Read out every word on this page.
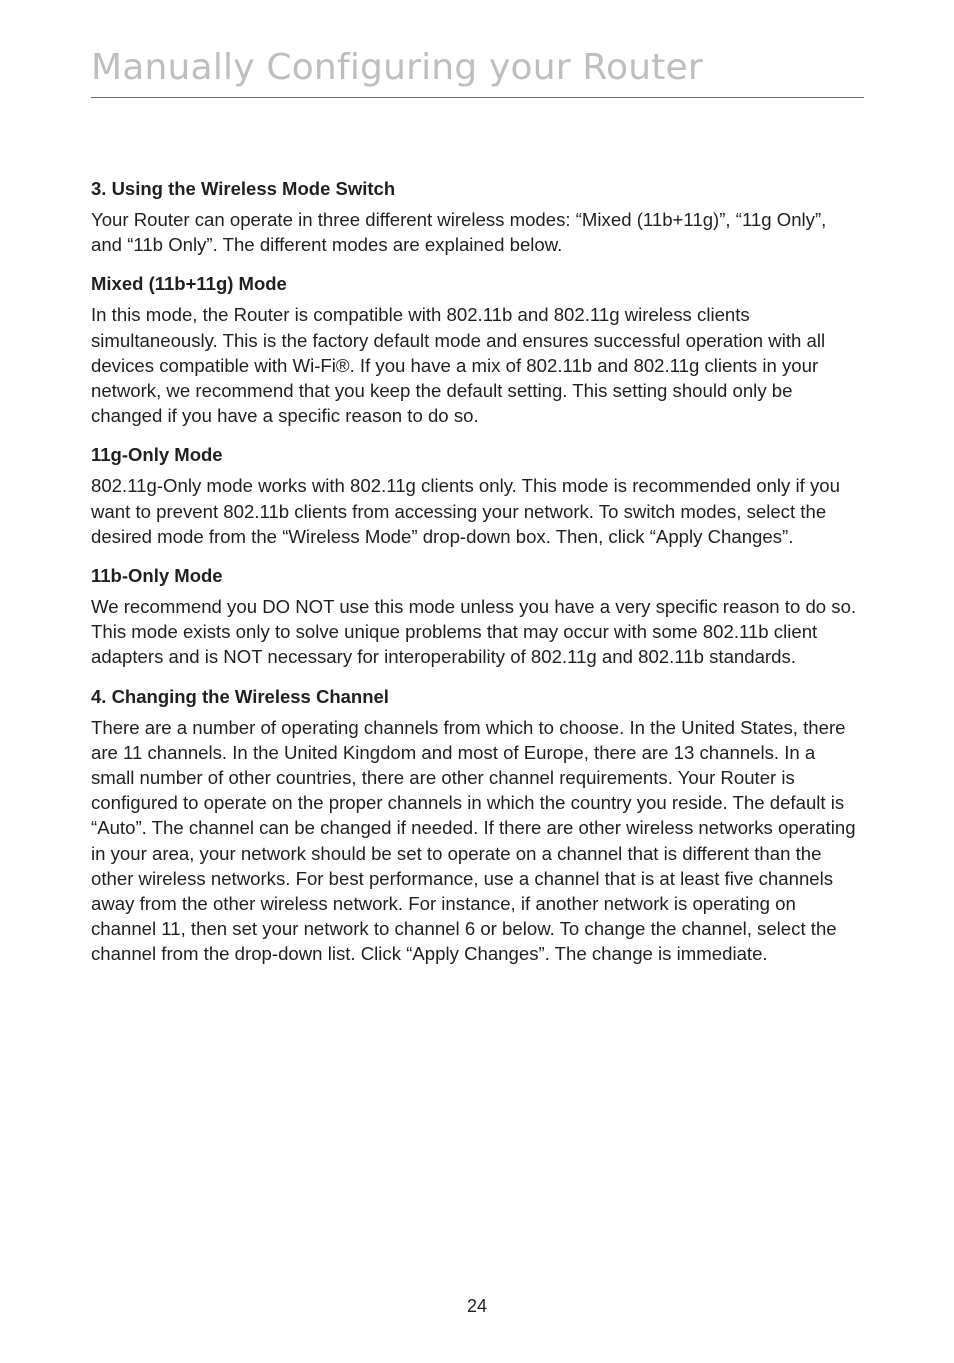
Manually Configuring your Router
3. Using the Wireless Mode Switch

Your Router can operate in three different wireless modes: “Mixed (11b+11g)”, “11g Only”, and “11b Only”. The different modes are explained below.

Mixed (11b+11g) Mode

In this mode, the Router is compatible with 802.11b and 802.11g wireless clients simultaneously. This is the factory default mode and ensures successful operation with all devices compatible with Wi-Fi®. If you have a mix of 802.11b and 802.11g clients in your network, we recommend that you keep the default setting. This setting should only be changed if you have a specific reason to do so.

11g-Only Mode

802.11g-Only mode works with 802.11g clients only. This mode is recommended only if you want to prevent 802.11b clients from accessing your network. To switch modes, select the desired mode from the “Wireless Mode” drop-down box. Then, click “Apply Changes”.

11b-Only Mode

We recommend you DO NOT use this mode unless you have a very specific reason to do so. This mode exists only to solve unique problems that may occur with some 802.11b client adapters and is NOT necessary for interoperability of 802.11g and 802.11b standards.

4. Changing the Wireless Channel

There are a number of operating channels from which to choose. In the United States, there are 11 channels. In the United Kingdom and most of Europe, there are 13 channels. In a small number of other countries, there are other channel requirements. Your Router is configured to operate on the proper channels in which the country you reside. The default is “Auto”. The channel can be changed if needed. If there are other wireless networks operating in your area, your network should be set to operate on a channel that is different than the other wireless networks. For best performance, use a channel that is at least five channels away from the other wireless network. For instance, if another network is operating on channel 11, then set your network to channel 6 or below. To change the channel, select the channel from the drop-down list. Click “Apply Changes”. The change is immediate.

24
